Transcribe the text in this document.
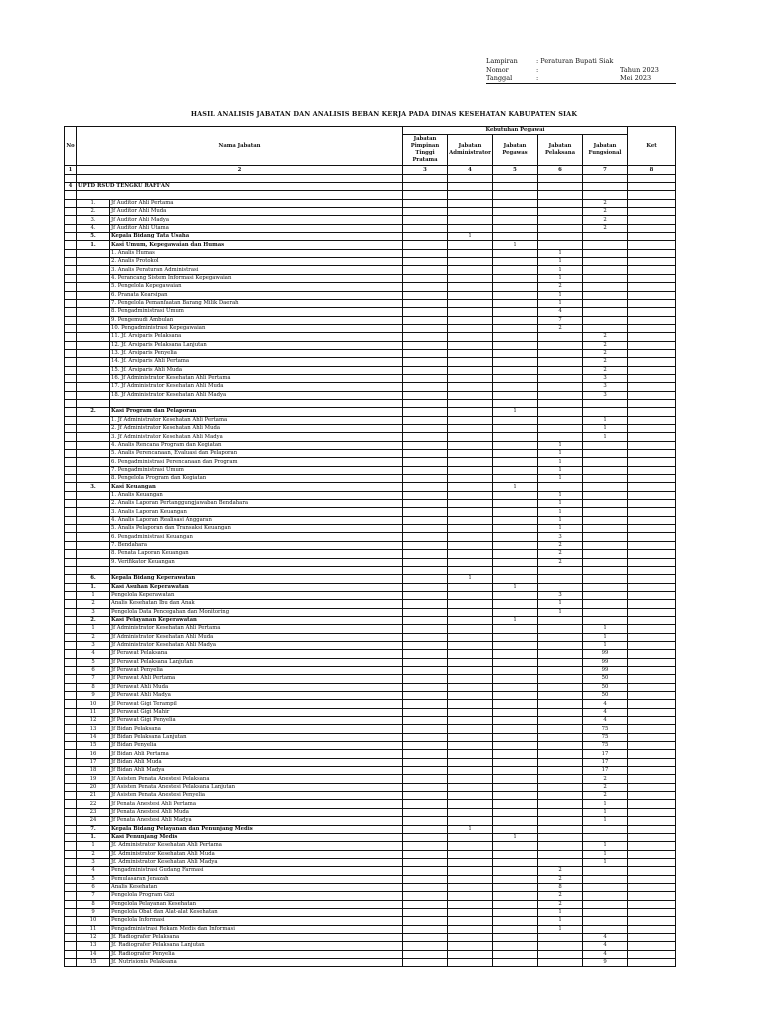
Lampiran	: Peraturan Bupati Siak
Nomor	:	Tahun 2023
Tanggal	:	Mei 2023
HASIL ANALISIS JABATAN DAN ANALISIS BEBAN KERJA PADA DINAS KESEHATAN KABUPATEN SIAK
No	Nama Jabatan		Kebutuhan Pegawai					Ket
			Jabatan Pimpinan Tinggi Pratama	Jabatan Administrator	Jabatan Pegawas	Jabatan Pelaksana	Jabatan Fungsional	
1	2		3	4	5	6	7	8

4	UPTD RSUD TENGKU RAFI'AN							

	1.	Jf Auditor Ahli Pertama					2	
	2.	Jf Auditor Ahli Muda					2	
	3.	Jf Auditor Ahli Madya					2	
	4.	Jf Auditor Ahli Utama					2	
	5.	Kepala Bidang Tata Usaha		1				
	1.	Kasi Umum, Kepegawaian dan Humas			1			
		1. Analis Humas				1		
		2. Analis Protokol				1		
		3. Analis Peraturan Administrasi				1		
		4. Perancang Sistem Informasi Kepegawaian				1		
		5. Pengelola Kepegawaian				2		
		6. Pranata Kearsipan				1		
		7. Pengelola Pemanfaatan Barang Milik Daerah				1		
		8. Pengadministrasi Umum				4		
		9. Pengemudi Ambulan				7		
		10. Pengadministrasi Kepegawaian				2		
		11. Jf. Arsiparis Pelaksana					2	
		12. Jf. Arsiparis Pelaksana Lanjutan					2	
		13. Jf. Arsiparis Penyelia					2	
		14. Jf. Arsiparis Ahli Pertama					2	
		15. Jf. Arsiparis Ahli Muda					2	
		16. Jf Administrator Kesehatan Ahli Pertama					3	
		17. Jf Administrator Kesehatan Ahli Muda					3	
		18. Jf Administrator Kesehatan Ahli Madya					3	

	2.	Kasi Program dan Pelaporan			1			
		1. Jf Administrator Kesehatan Ahli Pertama					1	
		2. Jf Administrator Kesehatan Ahli Muda					1	
		3. Jf Administrator Kesehatan Ahli Madya					1	
		4. Analis Rencana Program dan Kegiatan				1		
		5. Analis Perencanaan, Evaluasi dan Pelaporan				1		
		6. Pengadministrasi Perencanaan dan Program				1		
		7. Pengadministrasi Umum				1		
		8. Pengelola Program dan Kegiatan				1		
	3.	Kasi Keuangan			1			
		1. Analis Keuangan				1		
		2. Analis Laporan Pertanggungjawaban Bendahara				1		
		3. Analis Laporan Keuangan				1		
		4. Analis Laporan Realisasi Anggaran				1		
		5. Analis Pelaporan dan Transaksi Keuangan				1		
		6. Pengadministrasi Keuangan				3		
		7. Bendahara				2		
		8. Penata Laporan Keuangan				2		
		9. Verifikator Keuangan				2		

	6.	Kepala Bidang Keperawatan		1				
	1.	Kasi Asuhan Keperawatan			1			
	1	Pengelola Keperawatan				3		
	2	Analis Kesehatan Ibu dan Anak				1		
	3	Pengelola Data Pencegahan dan Monitoring				1		
	2.	Kasi Pelayanan Keperawatan			1			
	1	Jf Administrator Kesehatan Ahli Pertama					1	
	2	Jf Administrator Kesehatan Ahli Muda					1	
	3	Jf Administrator Kesehatan Ahli Madya					1	
	4	Jf Perawat Pelaksana					99	
	5	Jf Perawat Pelaksana Lanjutan					99	
	6	Jf Perawat Penyelia					99	
	7	Jf Perawat Ahli Pertama					50	
	8	Jf Perawat Ahli Muda					50	
	9	Jf Perawat Ahli Madya					50	
	10	Jf Perawat Gigi Terampil					4	
	11	Jf Perawat Gigi Mahir					4	
	12	Jf Perawat Gigi Penyelia					4	
	13	Jf Bidan Pelaksana					75	
	14	Jf Bidan Pelaksana Lanjutan					75	
	15	Jf Bidan Penyelia					75	
	16	Jf Bidan Ahli Pertama					17	
	17	Jf Bidan Ahli Muda					17	
	18	Jf Bidan Ahli Madya					17	
	19	Jf Asisten Penata Anestesi Pelaksana					2	
	20	Jf Asisten Penata Anestesi Pelaksana Lanjutan					2	
	21	Jf Asisten Penata Anestesi Penyelia					2	
	22	Jf Penata Anestesi Ahli Pertama					1	
	23	Jf Penata Anestesi Ahli Muda					1	
	24	Jf Penata Anestesi Ahli Madya					1	
	7.	Kepala Bidang Pelayanan dan Penunjang Medis		1				
	1.	Kasi Penunjang Medis			1			
	1	Jf. Administrator Kesehatan Ahli Pertama					1	
	2	Jf. Administrator Kesehatan Ahli Muda					1	
	3	Jf. Administrator Kesehatan Ahli Madya					1	
	4	Pengadministrasi Gudang Farmasi				2		
	5	Pemulasaran Jenazah				2		
	6	Analis Kesehatan				8		
	7	Pengelola Program Gizi				2		
	8	Pengelola Pelayanan Kesehatan				2		
	9	Pengelola Obat dan Alat-alat Kesehatan				1		
	10	Pengelola Informasi				1		
	11	Pengadministrasi Rekam Medis dan Informasi				1		
	12	Jf. Radiografer Pelaksana					4	
	13	Jf. Radiografer Pelaksana Lanjutan					4	
	14	Jf. Radiografer Penyelia					4	
	15	Jf. Nutrisionis Pelaksana					9	
